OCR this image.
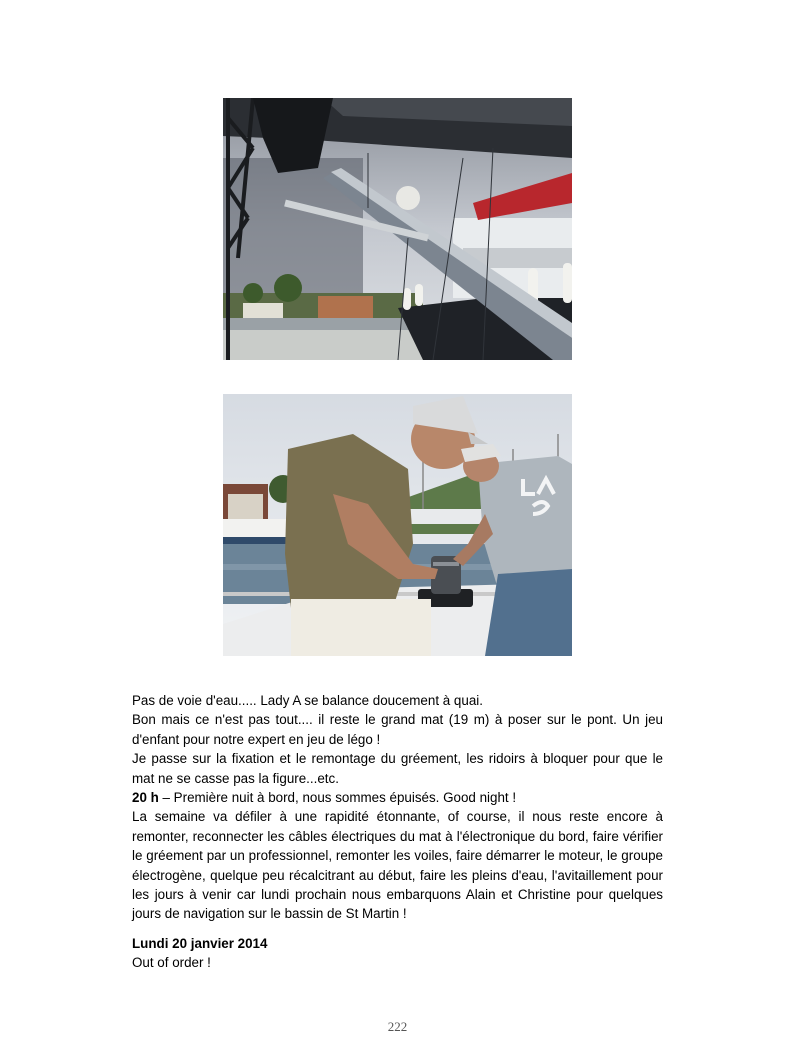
Pas de voie d'eau..... Lady A se balance doucement à quai.

Bon mais ce n'est pas tout.... il reste le grand mat (19 m) à poser sur le pont. Un jeu d'enfant pour notre expert en jeu de légo !

Je passe sur la fixation et le remontage du gréement, les ridoirs à bloquer pour que le mat ne se casse pas la figure...etc.

20 h – Première nuit à bord, nous sommes épuisés. Good night !

La semaine va défiler à une rapidité étonnante, of course, il nous reste encore à remonter, reconnecter les câbles électriques du mat à l'électronique du bord, faire vérifier le gréement par un professionnel, remonter les voiles, faire démarrer le moteur, le groupe électrogène, quelque peu récalcitrant au début, faire les pleins d'eau, l'avitaillement pour les jours à venir car lundi prochain nous embarquons Alain et Christine pour quelques jours de navigation sur le bassin de St Martin !

Lundi 20 janvier 2014

Out of order !

222
